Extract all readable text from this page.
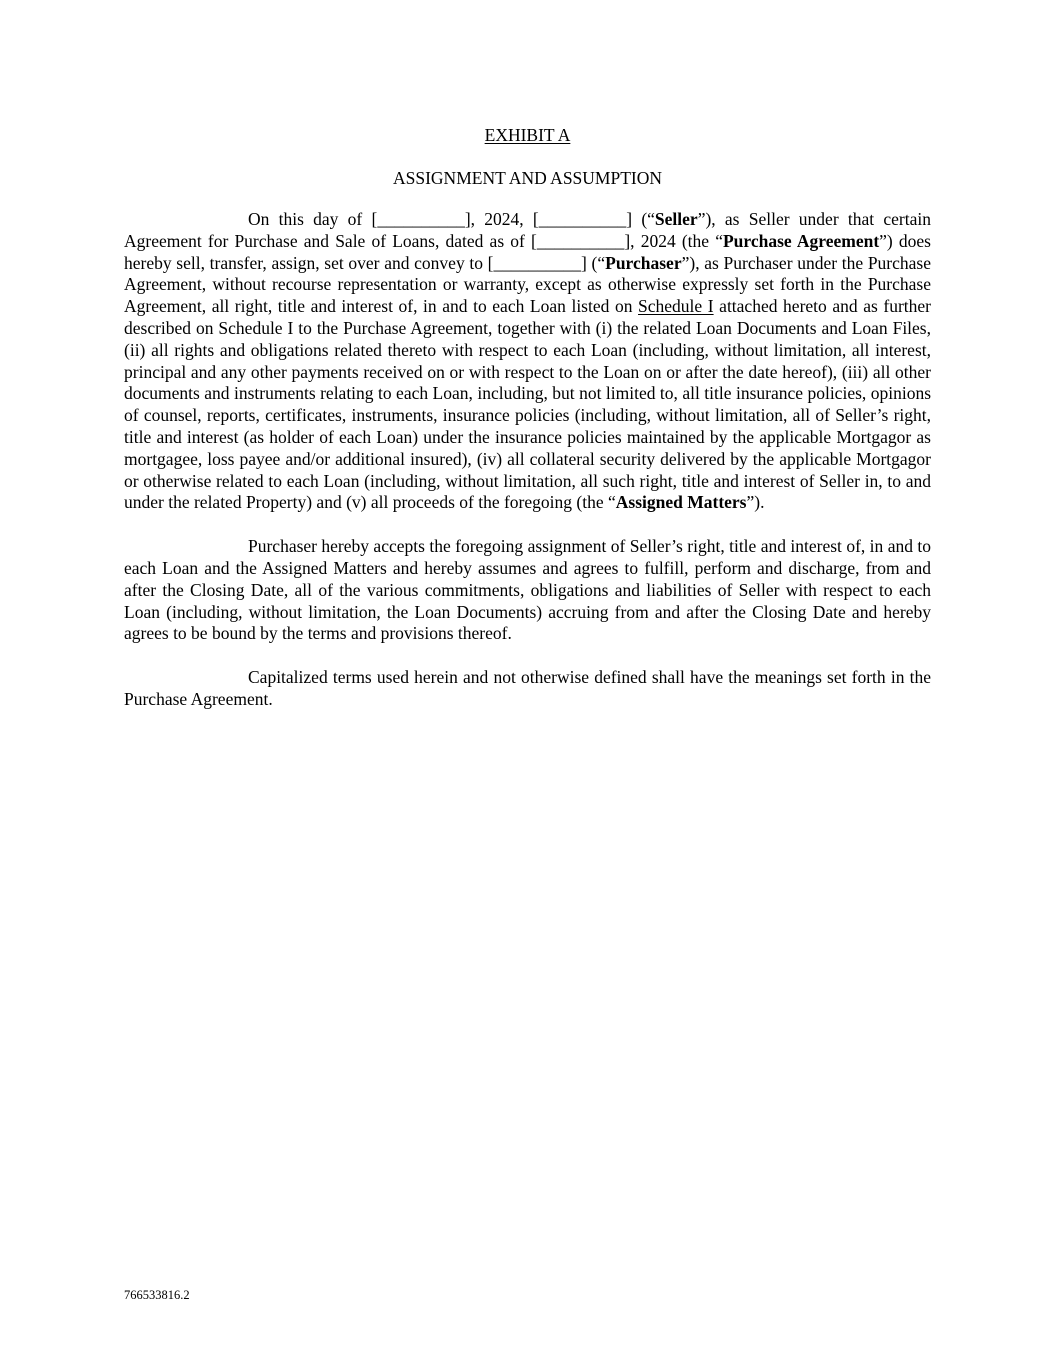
EXHIBIT A
ASSIGNMENT AND ASSUMPTION

On this day of [__________], 2024, [__________] (“Seller”), as Seller under that certain Agreement for Purchase and Sale of Loans, dated as of [__________], 2024 (the “Purchase Agreement”) does hereby sell, transfer, assign, set over and convey to [__________] (“Purchaser”), as Purchaser under the Purchase Agreement, without recourse representation or warranty, except as otherwise expressly set forth in the Purchase Agreement, all right, title and interest of, in and to each Loan listed on Schedule I attached hereto and as further described on Schedule I to the Purchase Agreement, together with (i) the related Loan Documents and Loan Files, (ii) all rights and obligations related thereto with respect to each Loan (including, without limitation, all interest, principal and any other payments received on or with respect to the Loan on or after the date hereof), (iii) all other documents and instruments relating to each Loan, including, but not limited to, all title insurance policies, opinions of counsel, reports, certificates, instruments, insurance policies (including, without limitation, all of Seller’s right, title and interest (as holder of each Loan) under the insurance policies maintained by the applicable Mortgagor as mortgagee, loss payee and/or additional insured), (iv) all collateral security delivered by the applicable Mortgagor or otherwise related to each Loan (including, without limitation, all such right, title and interest of Seller in, to and under the related Property) and (v) all proceeds of the foregoing (the “Assigned Matters”).

Purchaser hereby accepts the foregoing assignment of Seller’s right, title and interest of, in and to each Loan and the Assigned Matters and hereby assumes and agrees to fulfill, perform and discharge, from and after the Closing Date, all of the various commitments, obligations and liabilities of Seller with respect to each Loan (including, without limitation, the Loan Documents) accruing from and after the Closing Date and hereby agrees to be bound by the terms and provisions thereof.

Capitalized terms used herein and not otherwise defined shall have the meanings set forth in the Purchase Agreement.

766533816.2
